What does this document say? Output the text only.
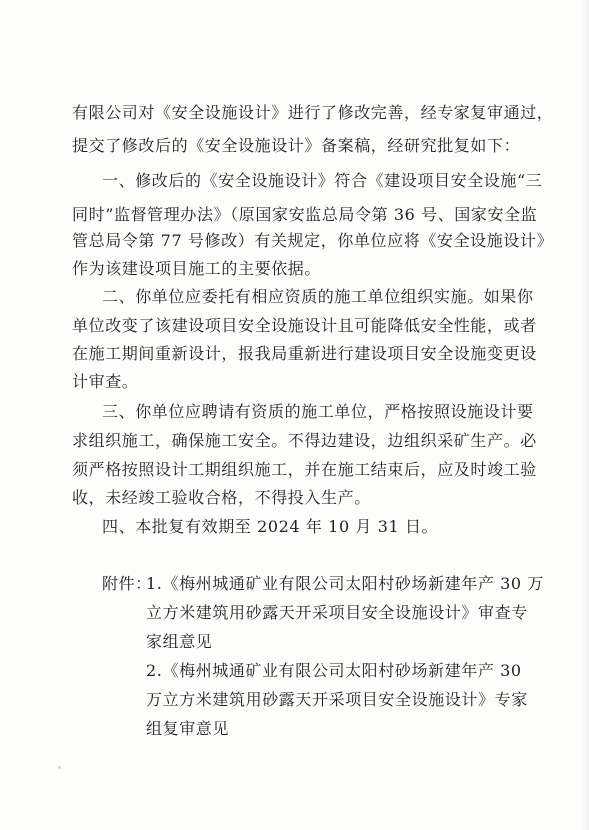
有限公司对《安全设施设计》进行了修改完善，经专家复审通过，
提交了修改后的《安全设施设计》备案稿，经研究批复如下：
一、修改后的《安全设施设计》符合《建设项目安全设施“三
同时”监督管理办法》（原国家安监总局令第 36 号、国家安全监
管总局令第 77 号修改）有关规定，你单位应将《安全设施设计》
作为该建设项目施工的主要依据。
二、你单位应委托有相应资质的施工单位组织实施。如果你
单位改变了该建设项目安全设施设计且可能降低安全性能，或者
在施工期间重新设计，报我局重新进行建设项目安全设施变更设
计审查。
三、你单位应聘请有资质的施工单位，严格按照设施设计要
求组织施工，确保施工安全。不得边建设，边组织采矿生产。必
须严格按照设计工期组织施工，并在施工结束后，应及时竣工验
收，未经竣工验收合格，不得投入生产。
四、本批复有效期至 2024 年 10 月 31 日。
附件：
1.《梅州城通矿业有限公司太阳村砂场新建年产 30 万
立方米建筑用砂露天开采项目安全设施设计》审查专
家组意见
2.《梅州城通矿业有限公司太阳村砂场新建年产 30
万立方米建筑用砂露天开采项目安全设施设计》专家
组复审意见
